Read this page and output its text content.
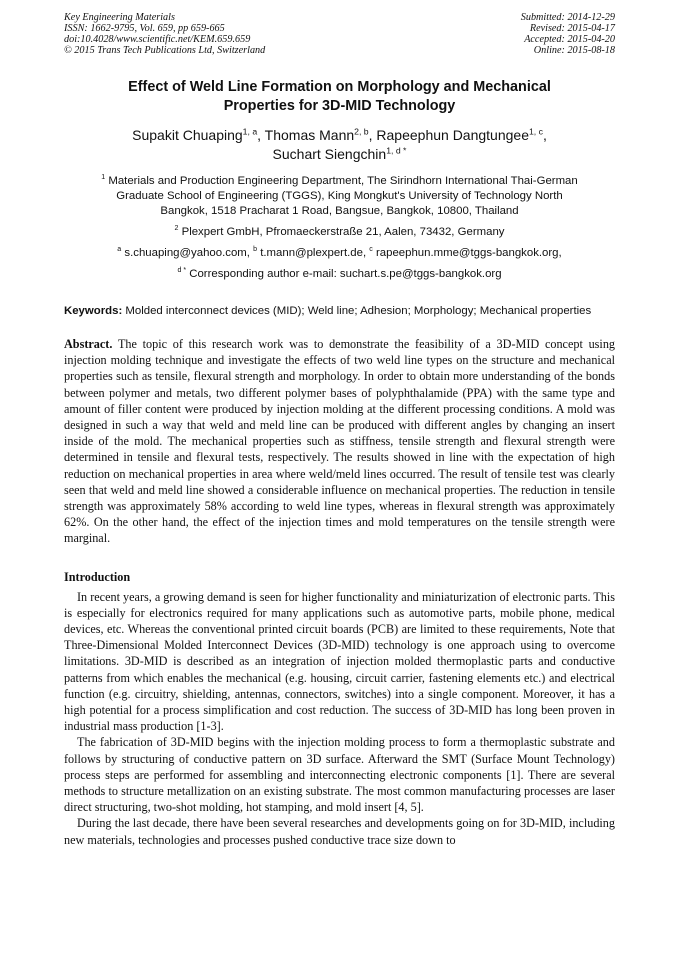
Key Engineering Materials
ISSN: 1662-9795, Vol. 659, pp 659-665
doi:10.4028/www.scientific.net/KEM.659.659
© 2015 Trans Tech Publications Ltd, Switzerland
Submitted: 2014-12-29
Revised: 2015-04-17
Accepted: 2015-04-20
Online: 2015-08-18
Effect of Weld Line Formation on Morphology and Mechanical
Properties for 3D-MID Technology
Supakit Chuaping$^{1, a}$, Thomas Mann$^{2, b}$, Rapeephun Dangtungee$^{1, c}$,
Suchart Siengchin$^{1, d *}$
$^1$ Materials and Production Engineering Department, The Sirindhorn International Thai-German
Graduate School of Engineering (TGGS), King Mongkut's University of Technology North
Bangkok, 1518 Pracharat 1 Road, Bangsue, Bangkok, 10800, Thailand
$^2$ Plexpert GmbH, Pfromaeckerstraße 21, Aalen, 73432, Germany
$^a$ s.chuaping@yahoo.com, $^b$ t.mann@plexpert.de, $^c$ rapeephun.mme@tggs-bangkok.org,
$^{d *}$ Corresponding author e-mail: suchart.s.pe@tggs-bangkok.org
Keywords: Molded interconnect devices (MID); Weld line; Adhesion; Morphology; Mechanical properties
Abstract. The topic of this research work was to demonstrate the feasibility of a 3D-MID concept using injection molding technique and investigate the effects of two weld line types on the structure and mechanical properties such as tensile, flexural strength and morphology. In order to obtain more understanding of the bonds between polymer and metals, two different polymer bases of polyphthalamide (PPA) with the same type and amount of filler content were produced by injection molding at the different processing conditions. A mold was designed in such a way that weld and meld line can be produced with different angles by changing an insert inside of the mold. The mechanical properties such as stiffness, tensile strength and flexural strength were determined in tensile and flexural tests, respectively. The results showed in line with the expectation of high reduction on mechanical properties in area where weld/meld lines occurred. The result of tensile test was clearly seen that weld and meld line showed a considerable influence on mechanical properties. The reduction in tensile strength was approximately 58% according to weld line types, whereas in flexural strength was approximately 62%. On the other hand, the effect of the injection times and mold temperatures on the tensile strength were marginal.
Introduction

In recent years, a growing demand is seen for higher functionality and miniaturization of electronic parts. This is especially for electronics required for many applications such as automotive parts, mobile phone, medical devices, etc. Whereas the conventional printed circuit boards (PCB) are limited to these requirements, Note that Three-Dimensional Molded Interconnect Devices (3D-MID) technology is one approach using to overcome limitations. 3D-MID is described as an integration of injection molded thermoplastic parts and conductive patterns from which enables the mechanical (e.g. housing, circuit carrier, fastening elements etc.) and electrical function (e.g. circuitry, shielding, antennas, connectors, switches) into a single component. Moreover, it has a high potential for a process simplification and cost reduction. The success of 3D-MID has long been proven in industrial mass production [1-3].

The fabrication of 3D-MID begins with the injection molding process to form a thermoplastic substrate and follows by structuring of conductive pattern on 3D surface. Afterward the SMT (Surface Mount Technology) process steps are performed for assembling and interconnecting electronic components [1]. There are several methods to structure metallization on an existing substrate. The most common manufacturing processes are laser direct structuring, two-shot molding, hot stamping, and mold insert [4, 5].

During the last decade, there have been several researches and developments going on for 3D-MID, including new materials, technologies and processes pushed conductive trace size down to
